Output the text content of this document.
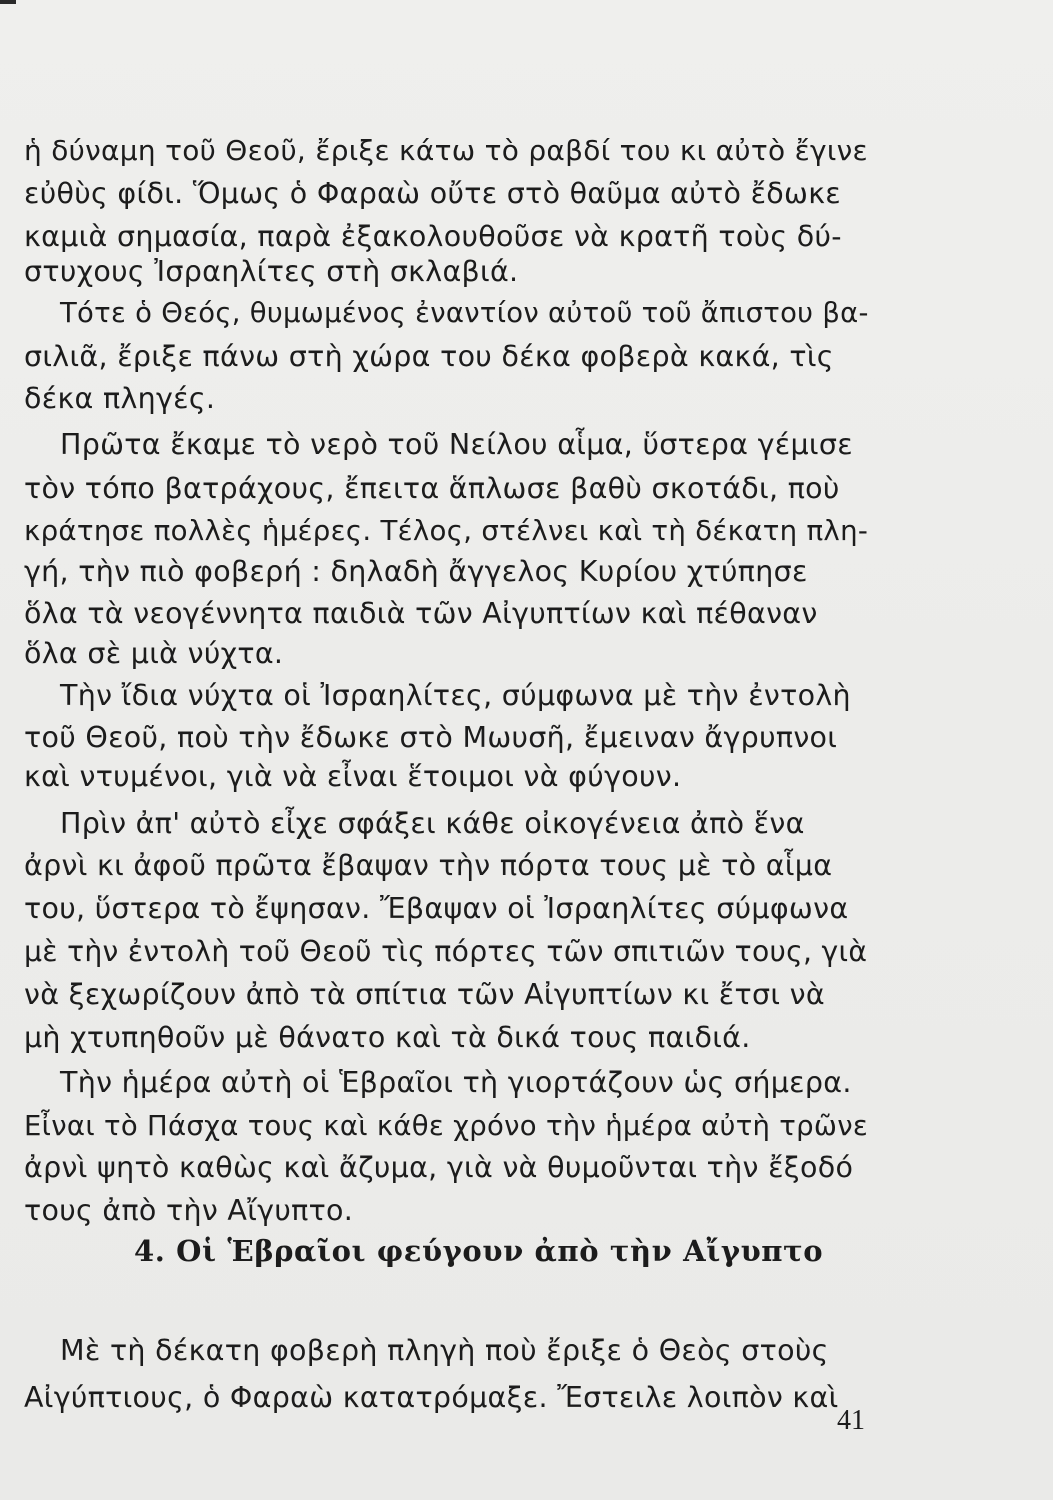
ἡ δύναμη τοῦ Θεοῦ, ἔριξε κάτω τὸ ραβδί του κι αὐτὸ ἔγινε
εὐθὺς φίδι. Ὅμως ὁ Φαραὼ οὔτε στὸ θαῦμα αὐτὸ ἔδωκε
καμιὰ σημασία, παρὰ ἐξακολουθοῦσε νὰ κρατῆ τοὺς δύ-
στυχους Ἰσραηλίτες στὴ σκλαβιά.
Τότε ὁ Θεός, θυμωμένος ἐναντίον αὐτοῦ τοῦ ἄπιστου βα-
σιλιᾶ, ἔριξε πάνω στὴ χώρα του δέκα φοβερὰ κακά, τὶς
δέκα πληγές.
Πρῶτα ἔκαμε τὸ νερὸ τοῦ Νείλου αἷμα, ὕστερα γέμισε
τὸν τόπο βατράχους, ἔπειτα ἅπλωσε βαθὺ σκοτάδι, ποὺ
κράτησε πολλὲς ἡμέρες. Τέλος, στέλνει καὶ τὴ δέκατη πλη-
γή, τὴν πιὸ φοβερή : δηλαδὴ ἄγγελος Κυρίου χτύπησε
ὅλα τὰ νεογέννητα παιδιὰ τῶν Αἰγυπτίων καὶ πέθαναν
ὅλα σὲ μιὰ νύχτα.
Τὴν ἴδια νύχτα οἱ Ἰσραηλίτες, σύμφωνα μὲ τὴν ἐντολὴ
τοῦ Θεοῦ, ποὺ τὴν ἔδωκε στὸ Μωυσῆ, ἔμειναν ἄγρυπνοι
καὶ ντυμένοι, γιὰ νὰ εἶναι ἕτοιμοι νὰ φύγουν.
Πρὶν ἀπ' αὐτὸ εἶχε σφάξει κάθε οἰκογένεια ἀπὸ ἕνα
ἀρνὶ κι ἀφοῦ πρῶτα ἔβαψαν τὴν πόρτα τους μὲ τὸ αἷμα
του, ὕστερα τὸ ἔψησαν. Ἔβαψαν οἱ Ἰσραηλίτες σύμφωνα
μὲ τὴν ἐντολὴ τοῦ Θεοῦ τὶς πόρτες τῶν σπιτιῶν τους, γιὰ
νὰ ξεχωρίζουν ἀπὸ τὰ σπίτια τῶν Αἰγυπτίων κι ἔτσι νὰ
μὴ χτυπηθοῦν μὲ θάνατο καὶ τὰ δικά τους παιδιά.
Τὴν ἡμέρα αὐτὴ οἱ Ἑβραῖοι τὴ γιορτάζουν ὡς σήμερα.
Εἶναι τὸ Πάσχα τους καὶ κάθε χρόνο τὴν ἡμέρα αὐτὴ τρῶνε
ἀρνὶ ψητὸ καθὼς καὶ ἄζυμα, γιὰ νὰ θυμοῦνται τὴν ἔξοδό
τους ἀπὸ τὴν Αἴγυπτο.
4. Οἱ Ἑβραῖοι φεύγουν ἀπὸ τὴν Αἴγυπτο
Μὲ τὴ δέκατη φοβερὴ πληγὴ ποὺ ἔριξε ὁ Θεὸς στοὺς
Αἰγύπτιους, ὁ Φαραὼ κατατρόμαξε. Ἔστειλε λοιπὸν καὶ
41
